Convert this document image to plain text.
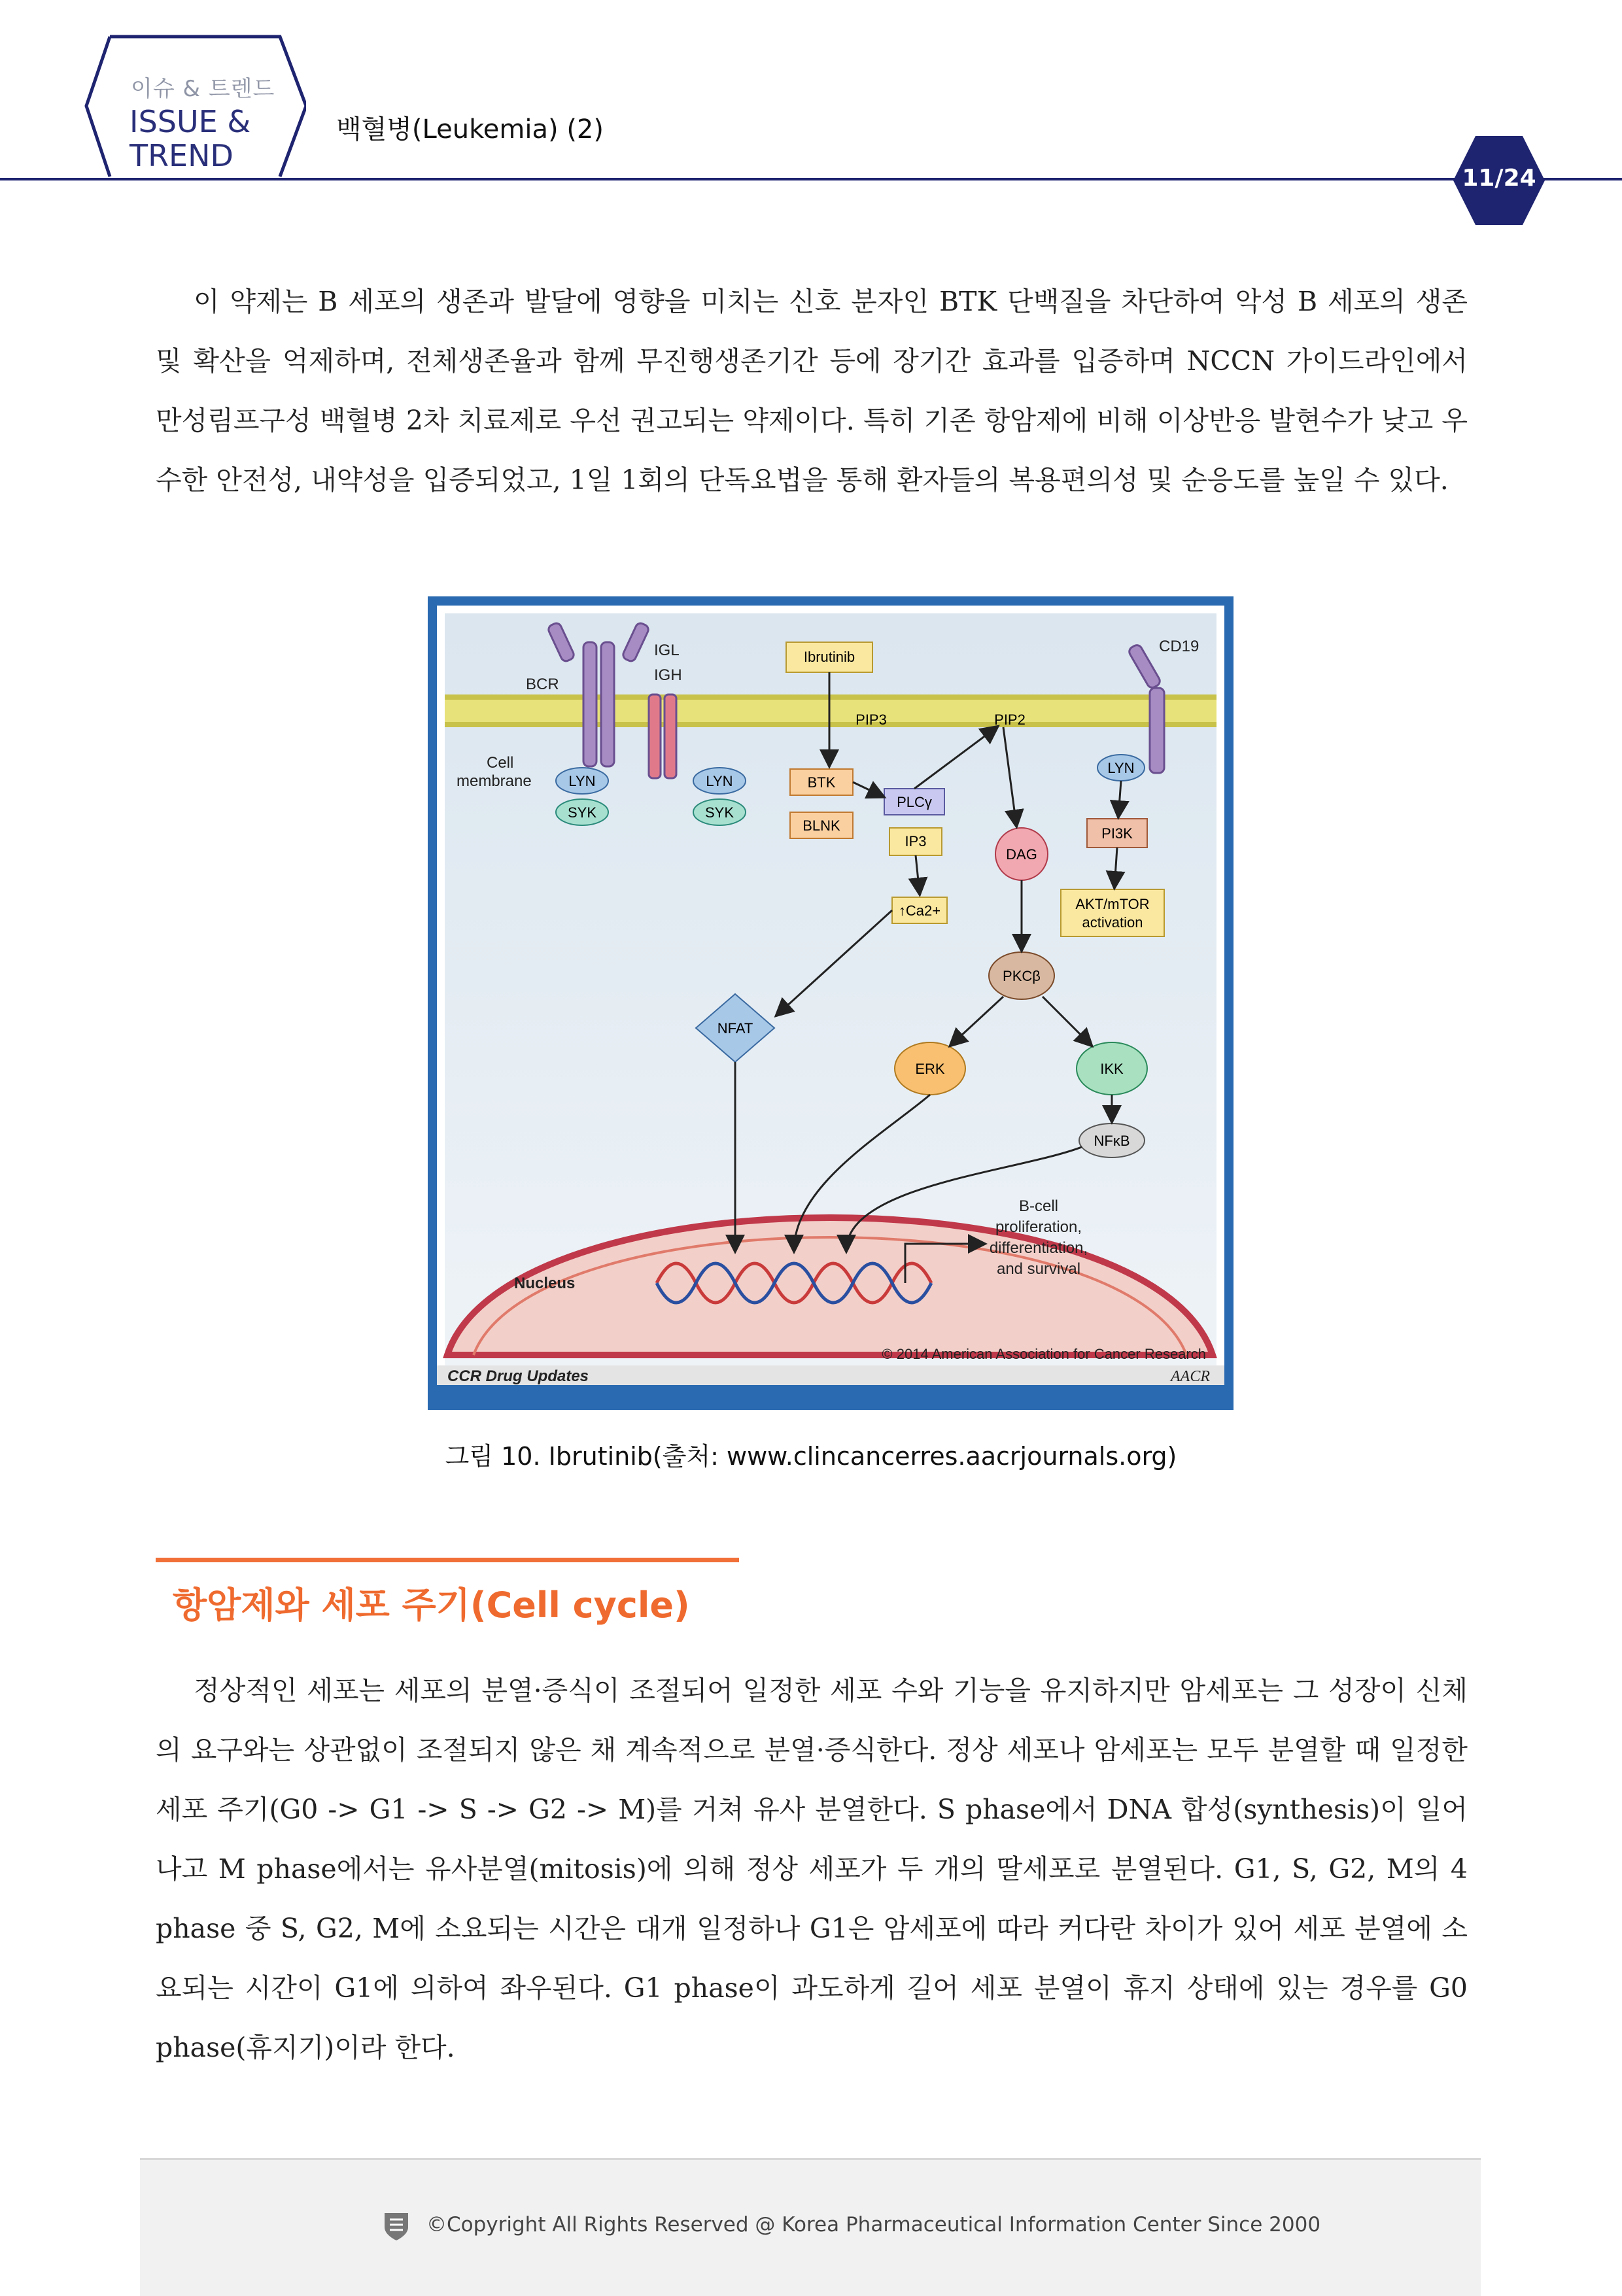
이슈 & 트렌드
ISSUE &
TREND
백혈병(Leukemia) (2)
11/24
이 약제는 B 세포의 생존과 발달에 영향을 미치는 신호 분자인 BTK 단백질을 차단하여 악성 B 세포의 생존 및 확산을 억제하며, 전체생존율과 함께 무진행생존기간 등에 장기간 효과를 입증하며 NCCN 가이드라인에서 만성림프구성 백혈병 2차 치료제로 우선 권고되는 약제이다. 특히 기존 항암제에 비해 이상반응 발현수가 낮고 우수한 안전성, 내약성을 입증되었고, 1일 1회의 단독요법을 통해 환자들의 복용편의성 및 순응도를 높일 수 있다.
Nucleus
BCR
IGL
IGH
Cell
membrane
CD19
LYN
SYK
LYN
SYK
LYN
Ibrutinib
BTK
BLNK
PLCγ
IP3	PI3K
AKT/mTOR
activation
↑Ca2+
PIP3	PIP2
DAG
PKCβ
NFAT
ERK	IKK
NFκB
B-cell
proliferation,
differentiation,
and survival
© 2014 American Association for Cancer Research
CCR Drug Updates	AACR
그림 10. Ibrutinib(출처: www.clincancerres.aacrjournals.org)
항암제와 세포 주기(Cell cycle)
정상적인 세포는 세포의 분열·증식이 조절되어 일정한 세포 수와 기능을 유지하지만 암세포는 그 성장이 신체의 요구와는 상관없이 조절되지 않은 채 계속적으로 분열·증식한다. 정상 세포나 암세포는 모두 분열할 때 일정한 세포 주기(G0 -> G1 -> S -> G2 -> M)를 거쳐 유사 분열한다. S phase에서 DNA 합성(synthesis)이 일어나고 M phase에서는 유사분열(mitosis)에 의해 정상 세포가 두 개의 딸세포로 분열된다. G1, S, G2, M의 4 phase 중 S, G2, M에 소요되는 시간은 대개 일정하나 G1은 암세포에 따라 커다란 차이가 있어 세포 분열에 소요되는 시간이 G1에 의하여 좌우된다. G1 phase이 과도하게 길어 세포 분열이 휴지 상태에 있는 경우를 G0 phase(휴지기)이라 한다.
©Copyright All Rights Reserved @ Korea Pharmaceutical Information Center Since 2000
